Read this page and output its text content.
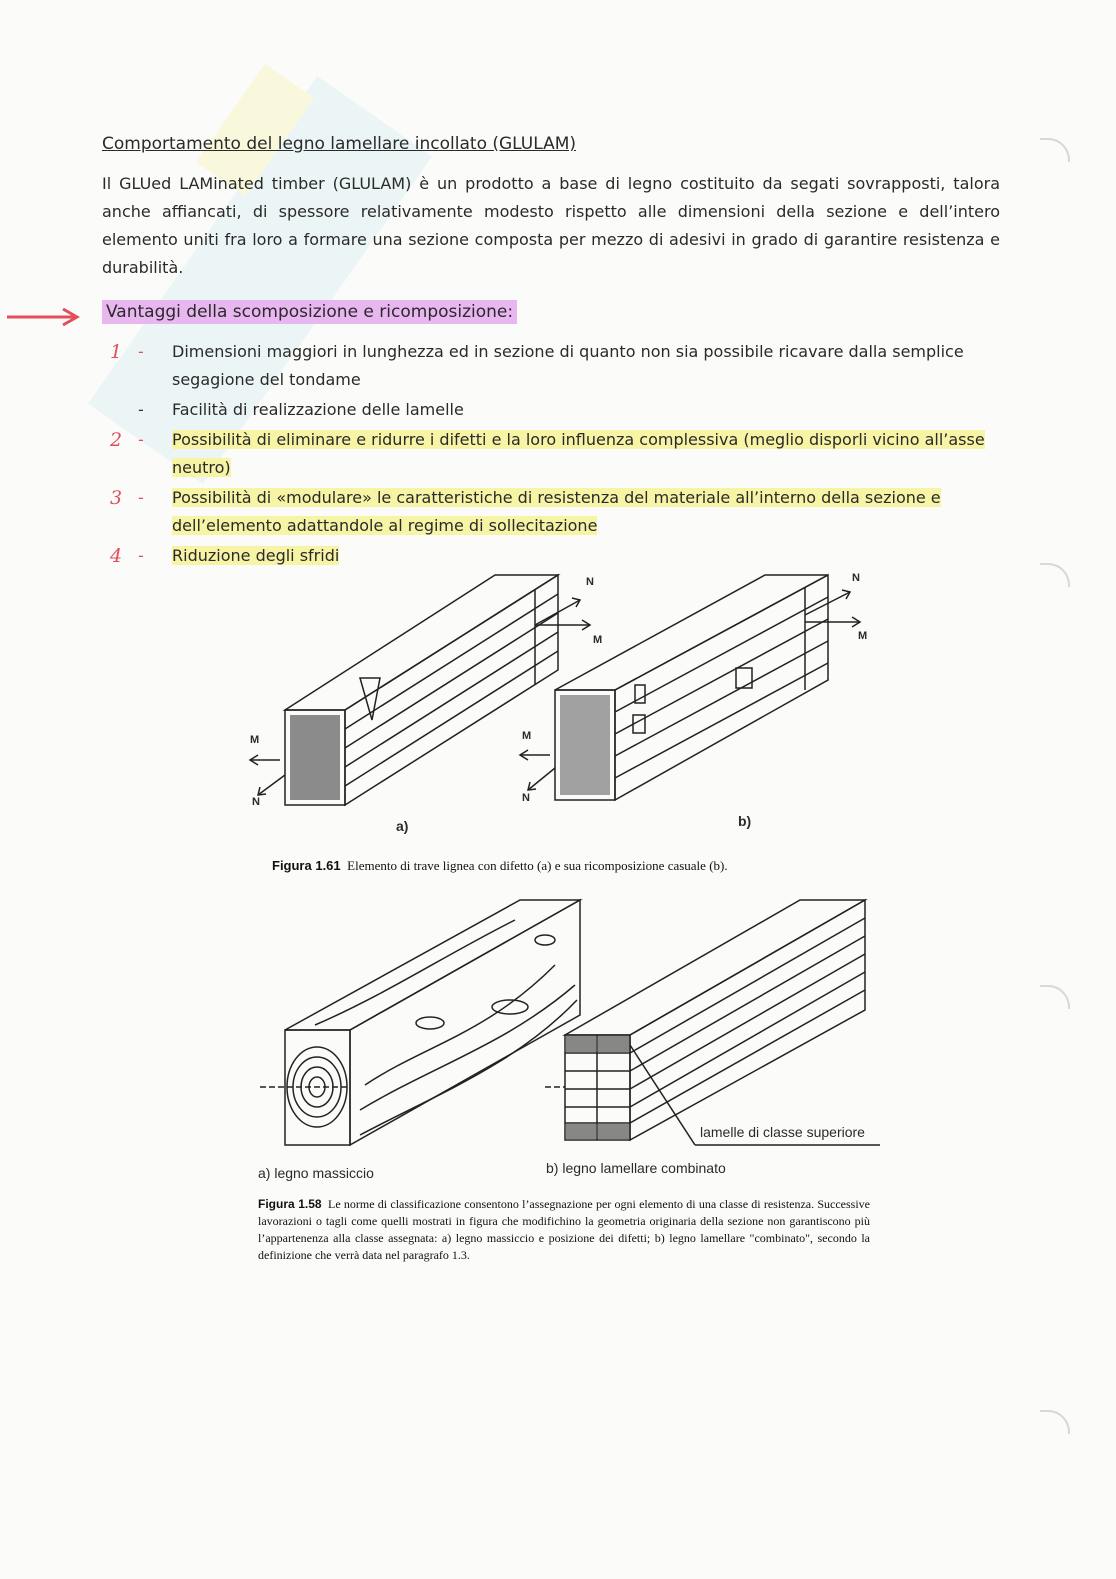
Comportamento del legno lamellare incollato (GLULAM)
Il GLUed LAMinated timber (GLULAM) è un prodotto a base di legno costituito da segati sovrapposti, talora anche affiancati, di spessore relativamente modesto rispetto alle dimensioni della sezione e dell’intero elemento uniti fra loro a formare una sezione composta per mezzo di adesivi in grado di garantire resistenza e durabilità.
Vantaggi della scomposizione e ricomposizione:
1 - Dimensioni maggiori in lunghezza ed in sezione di quanto non sia possibile ricavare dalla semplice segagione del tondame
- Facilità di realizzazione delle lamelle
2 - Possibilità di eliminare e ridurre i difetti e la loro influenza complessiva (meglio disporli vicino all’asse neutro)
3 - Possibilità di «modulare» le caratteristiche di resistenza del materiale all’interno della sezione e dell’elemento adattandole al regime di sollecitazione
4 - Riduzione degli sfridi
N
M
N
M
M
N
M
N
a)	b)
Figura 1.61 Elemento di trave lignea con difetto (a) e sua ricomposizione casuale (b).
lamelle di classe superiore
a) legno massiccio	b) legno lamellare combinato
Figura 1.58 Le norme di classificazione consentono l’assegnazione per ogni elemento di una classe di resistenza. Successive lavorazioni o tagli come quelli mostrati in figura che modifichino la geometria originaria della sezione non garantiscono più l’appartenenza alla classe assegnata: a) legno massiccio e posizione dei difetti; b) legno lamellare "combinato", secondo la definizione che verrà data nel paragrafo 1.3.
